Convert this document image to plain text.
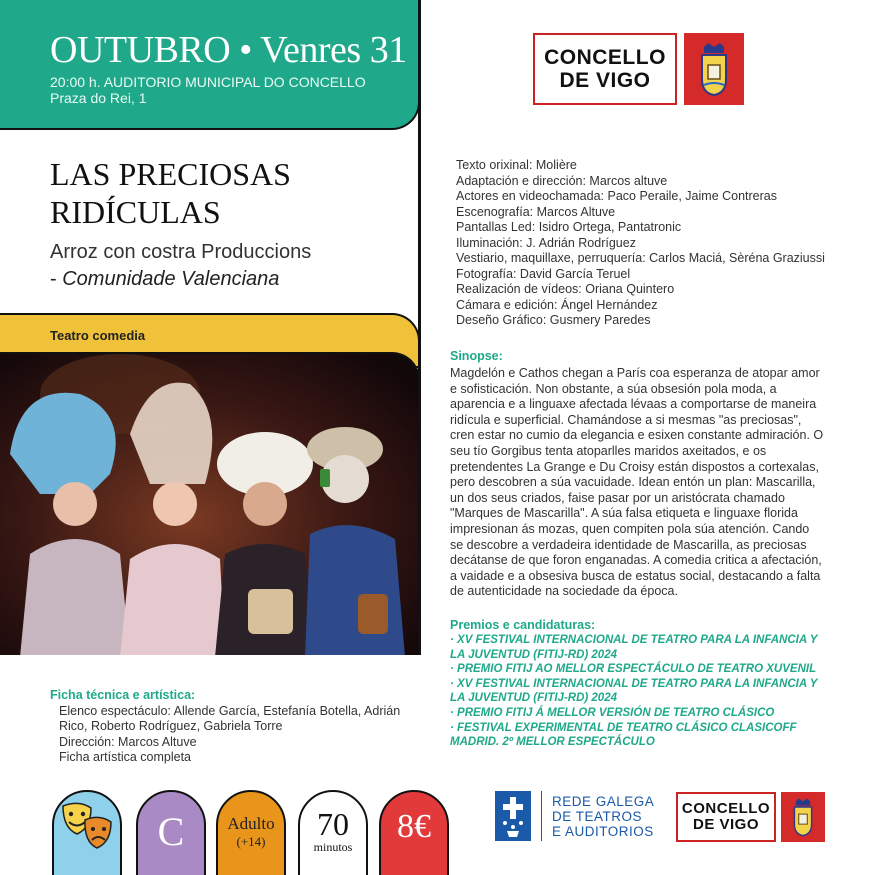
OUTUBRO • Venres 31
20:00 h. AUDITORIO MUNICIPAL DO CONCELLO
Praza do Rei, 1
LAS PRECIOSAS
RIDÍCULAS
Arroz con costra Produccions
- Comunidade Valenciana
Teatro comedia
Ficha técnica e artística:
Elenco espectáculo: Allende García, Estefanía Botella, Adrián Rico, Roberto Rodríguez, Gabriela Torre
Dirección: Marcos Altuve
Ficha artística completa
CONCELLO
DE VIGO
Texto orixinal: Molière
Adaptación e dirección: Marcos altuve
Actores en videochamada: Paco Peraile, Jaime Contreras
Escenografía: Marcos Altuve
Pantallas Led: Isidro Ortega, Pantatronic
Iluminación: J. Adrián Rodríguez
Vestiario, maquillaxe, perruquería: Carlos Maciá, Sèréna Graziussi
Fotografía: David García Teruel
Realización de vídeos: Oriana Quintero
Cámara e edición: Ángel Hernández
Deseño Gráfico: Gusmery Paredes
Sinopse:
Magdelón e Cathos chegan a París coa esperanza de atopar amor e sofisticación. Non obstante, a súa obsesión pola moda, a aparencia e a linguaxe afectada lévaas a comportarse de maneira ridícula e superficial. Chamándose a si mesmas "as preciosas", cren estar no cumio da elegancia e esixen constante admiración. O seu tío Gorgibus tenta atoparlles maridos axeitados, e os pretendentes La Grange e Du Croisy están dispostos a cortexalas, pero descobren a súa vacuidade. Idean entón un plan: Mascarilla, un dos seus criados, faise pasar por un aristócrata chamado "Marques de Mascarilla". A súa falsa etiqueta e linguaxe florida impresionan ás mozas, quen compiten pola súa atención. Cando se descobre a verdadeira identidade de Mascarilla, as preciosas decátanse de que foron enganadas. A comedia critica a afectación, a vaidade e a obsesiva busca de estatus social, destacando a falta de autenticidade na sociedade da época.
Premios e candidaturas:
· XV FESTIVAL INTERNACIONAL DE TEATRO PARA LA INFANCIA Y LA JUVENTUD (FITIJ-RD) 2024
· PREMIO FITIJ AO MELLOR ESPECTÁCULO DE TEATRO XUVENIL
· XV FESTIVAL INTERNACIONAL DE TEATRO PARA LA INFANCIA Y LA JUVENTUD (FITIJ-RD) 2024
· PREMIO FITIJ Á MELLOR VERSIÓN DE TEATRO CLÁSICO
· FESTIVAL EXPERIMENTAL DE TEATRO CLÁSICO CLASICOFF MADRID. 2º MELLOR ESPECTÁCULO
C	Adulto
(+14) 70
minutos
8€
REDE GALEGA
DE TEATROS
E AUDITORIOS
CONCELLO
DE VIGO
